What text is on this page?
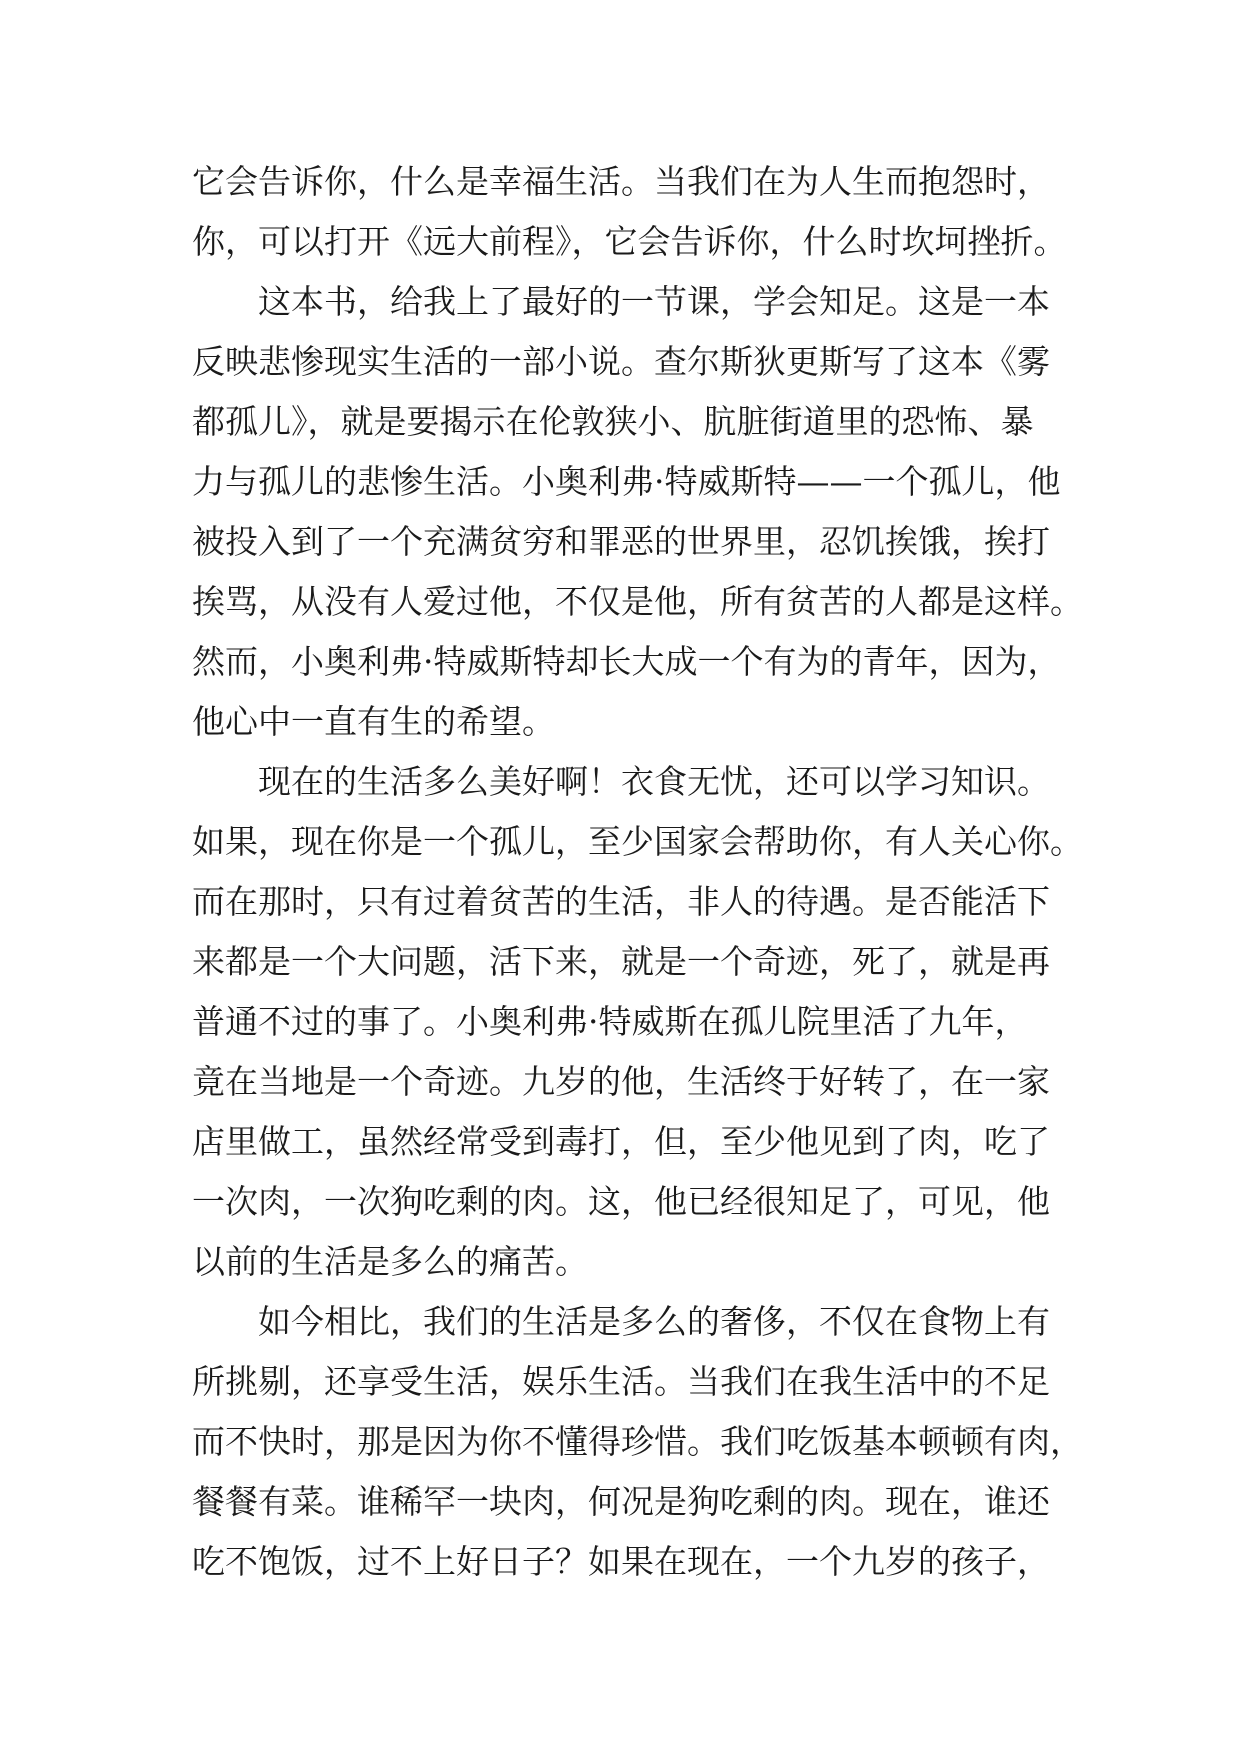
它会告诉你，什么是幸福生活。当我们在为人生而抱怨时，
你，可以打开《远大前程》，它会告诉你，什么时坎坷挫折。
　　这本书，给我上了最好的一节课，学会知足。这是一本
反映悲惨现实生活的一部小说。查尔斯狄更斯写了这本《雾
都孤儿》，就是要揭示在伦敦狭小、肮脏街道里的恐怖、暴
力与孤儿的悲惨生活。小奥利弗·特威斯特——一个孤儿，他
被投入到了一个充满贫穷和罪恶的世界里，忍饥挨饿，挨打
挨骂，从没有人爱过他，不仅是他，所有贫苦的人都是这样。
然而，小奥利弗·特威斯特却长大成一个有为的青年，因为，
他心中一直有生的希望。
　　现在的生活多么美好啊！衣食无忧，还可以学习知识。
如果，现在你是一个孤儿，至少国家会帮助你，有人关心你。
而在那时，只有过着贫苦的生活，非人的待遇。是否能活下
来都是一个大问题，活下来，就是一个奇迹，死了，就是再
普通不过的事了。小奥利弗·特威斯在孤儿院里活了九年，
竟在当地是一个奇迹。九岁的他，生活终于好转了，在一家
店里做工，虽然经常受到毒打，但，至少他见到了肉，吃了
一次肉，一次狗吃剩的肉。这，他已经很知足了，可见，他
以前的生活是多么的痛苦。
　　如今相比，我们的生活是多么的奢侈，不仅在食物上有
所挑剔，还享受生活，娱乐生活。当我们在我生活中的不足
而不快时，那是因为你不懂得珍惜。我们吃饭基本顿顿有肉，
餐餐有菜。谁稀罕一块肉，何况是狗吃剩的肉。现在，谁还
吃不饱饭，过不上好日子？如果在现在，一个九岁的孩子，
